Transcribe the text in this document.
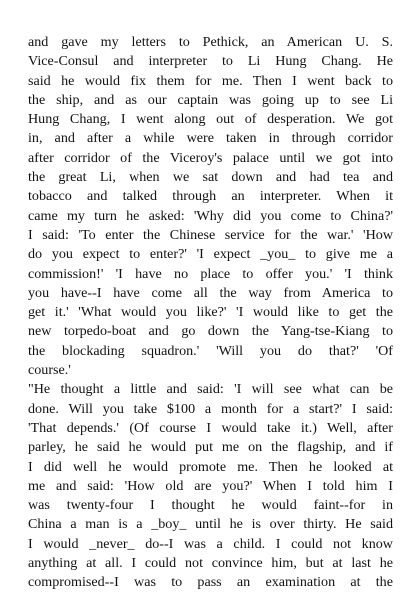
and gave my letters to Pethick, an American U. S.
Vice-Consul and interpreter to Li Hung Chang. He
said he would fix them for me. Then I went back to
the ship, and as our captain was going up to see Li
Hung Chang, I went along out of desperation. We got
in, and after a while were taken in through corridor
after corridor of the Viceroy's palace until we got into
the great Li, when we sat down and had tea and
tobacco and talked through an interpreter. When it
came my turn he asked: 'Why did you come to China?'
I said: 'To enter the Chinese service for the war.' 'How
do you expect to enter?' 'I expect _you_ to give me a
commission!' 'I have no place to offer you.' 'I think
you have--I have come all the way from America to
get it.' 'What would you like?' 'I would like to get the
new torpedo-boat and go down the Yang-tse-Kiang to
the blockading squadron.' 'Will you do that?' 'Of
course.'
"He thought a little and said: 'I will see what can be
done. Will you take $100 a month for a start?' I said:
'That depends.' (Of course I would take it.) Well, after
parley, he said he would put me on the flagship, and if
I did well he would promote me. Then he looked at
me and said: 'How old are you?' When I told him I
was twenty-four I thought he would faint--for in
China a man is a _boy_ until he is over thirty. He said
I would _never_ do--I was a child. I could not know
anything at all. I could not convince him, but at last he
compromised--I was to pass an examination at the
